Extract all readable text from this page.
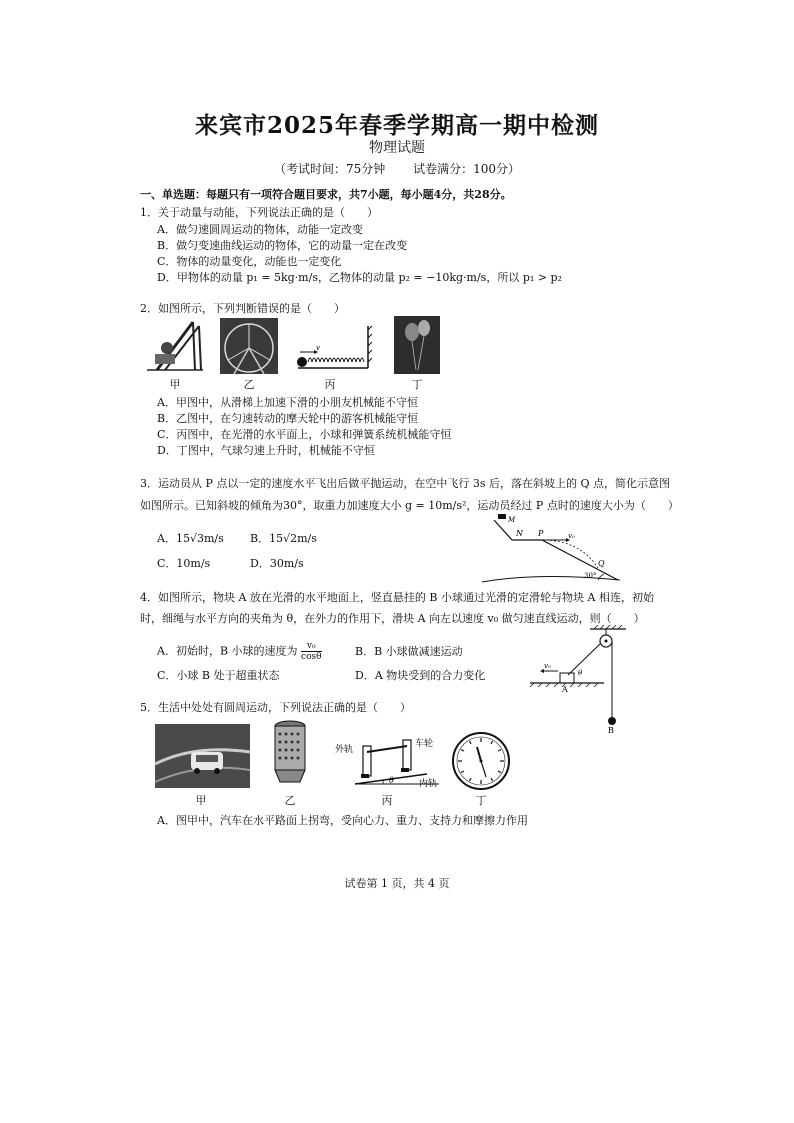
来宾市2025年春季学期高一期中检测
物理试题
（考试时间：75分钟 试卷满分：100分）
一、单选题：每题只有一项符合题目要求，共7小题，每小题4分，共28分。
1．关于动量与动能，下列说法正确的是（　　）
A．做匀速圆周运动的物体，动能一定改变
B．做匀变速曲线运动的物体，它的动量一定在改变
C．物体的动量变化，动能也一定变化
D．甲物体的动量 p₁ = 5kg·m/s，乙物体的动量 p₂ = −10kg·m/s，所以 p₁ > p₂
2．如图所示，下列判断错误的是（　　）
v
甲	乙	丙	丁
A．甲图中，从滑梯上加速下滑的小朋友机械能不守恒
B．乙图中，在匀速转动的摩天轮中的游客机械能守恒
C．丙图中，在光滑的水平面上，小球和弹簧系统机械能守恒
D．丁图中，气球匀速上升时，机械能不守恒
3．运动员从 P 点以一定的速度水平飞出后做平抛运动，在空中飞行 3s 后，落在斜坡上的 Q 点，简化示意图
如图所示。已知斜坡的倾角为30°，取重力加速度大小 g = 10m/s²，运动员经过 P 点时的速度大小为（　　）
A．15√3m/s B．15√2m/s
C．10m/s	D．30m/s
M
N P	v₀
Q
30°
4．如图所示，物块 A 放在光滑的水平地面上，竖直悬挂的 B 小球通过光滑的定滑轮与物块 A 相连，初始
时，细绳与水平方向的夹角为 θ，在外力的作用下，滑块 A 向左以速度 v₀ 做匀速直线运动，则（　　）
A．初始时，B 小球的速度为 $\frac{\text{v₀}}{\cos\theta}$	B．B 小球做减速运动
C．小球 B 处于超重状态	D．A 物块受到的合力变化
v₀
θ
A
B
5．生活中处处有圆周运动，下列说法正确的是（　　）
外轨
车轮
内轨
θ
甲	乙	丙	丁
A．图甲中，汽车在水平路面上拐弯，受向心力、重力、支持力和摩擦力作用
试卷第 1 页，共 4 页
